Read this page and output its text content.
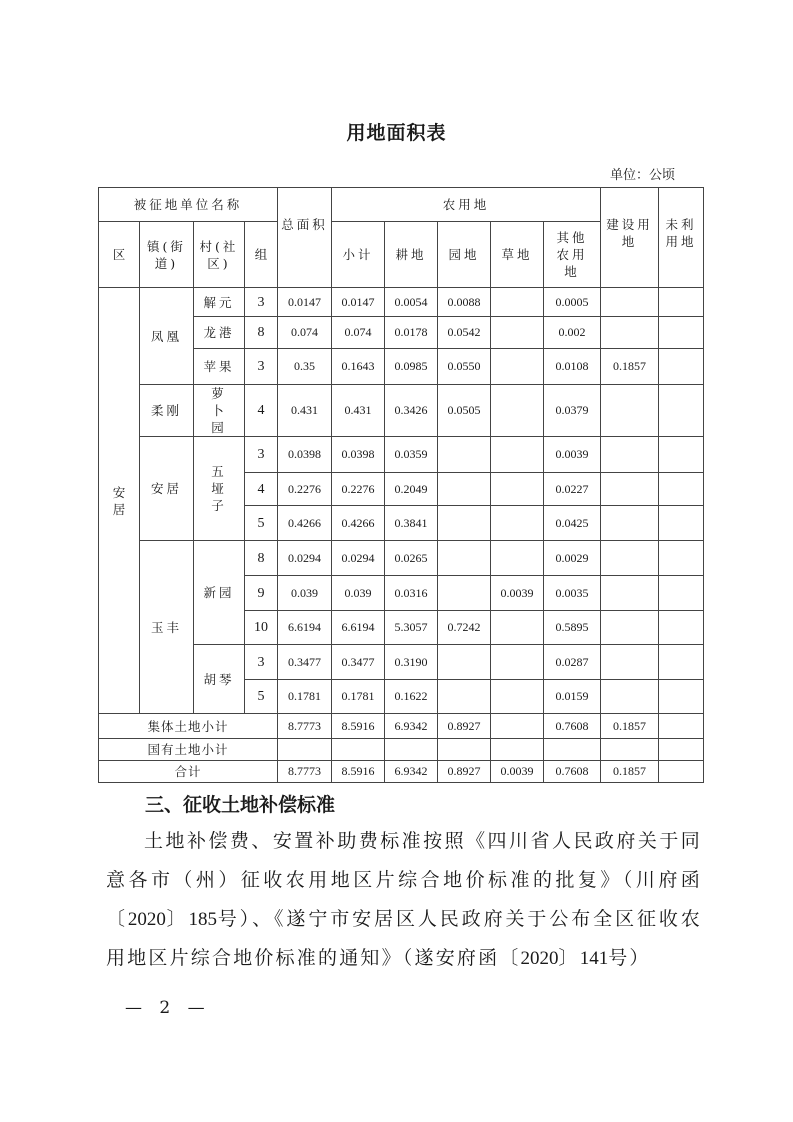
用地面积表
单位：公顷
被征地单位名称				总面积	农用地					建设用地	未利用地
区	镇(街道)	村(社区)	组		小计	耕地	园地	草地	其他农用地		
安居	凤凰	解元	3	0.0147	0.0147	0.0054	0.0088		0.0005		
		龙港	8	0.074	0.074	0.0178	0.0542		0.002		
		苹果	3	0.35	0.1643	0.0985	0.0550		0.0108	0.1857	
	柔刚	萝卜园	4	0.431	0.431	0.3426	0.0505		0.0379		
	安居	五垭子	3	0.0398	0.0398	0.0359			0.0039		
			4	0.2276	0.2276	0.2049			0.0227		
			5	0.4266	0.4266	0.3841			0.0425		
	玉丰	新园	8	0.0294	0.0294	0.0265			0.0029		
			9	0.039	0.039	0.0316		0.0039	0.0035		
			10	6.6194	6.6194	5.3057	0.7242		0.5895		
		胡琴	3	0.3477	0.3477	0.3190			0.0287		
			5	0.1781	0.1781	0.1622			0.0159		
集体土地小计				8.7773	8.5916	6.9342	0.8927		0.7608	0.1857	
国有土地小计											
合计				8.7773	8.5916	6.9342	0.8927	0.0039	0.7608	0.1857	
三、征收土地补偿标准
土地补偿费、安置补助费标准按照《四川省人民政府关于同意各市（州）征收农用地区片综合地价标准的批复》（川府函〔2020〕185号）、《遂宁市安居区人民政府关于公布全区征收农用地区片综合地价标准的通知》（遂安府函〔2020〕141号）
— 2 —
